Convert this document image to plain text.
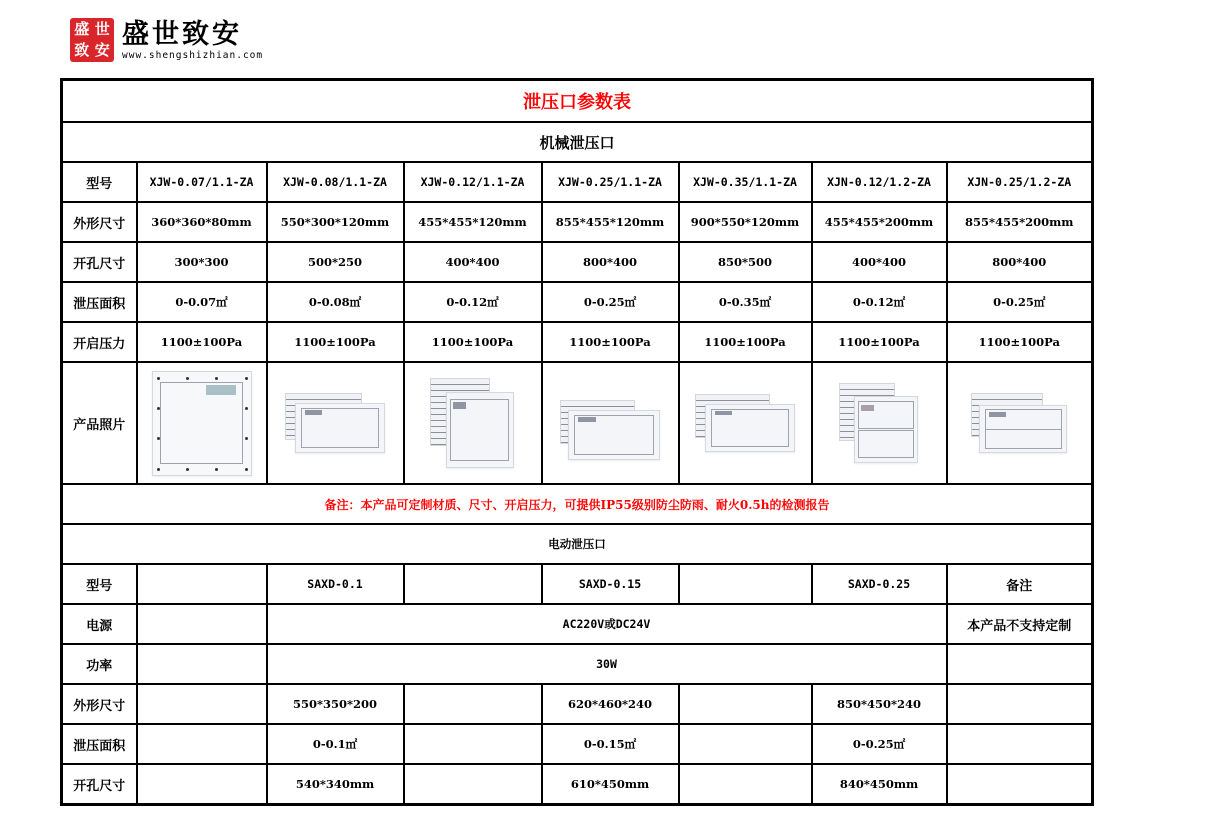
盛 世
致 安 盛世致安
www.shengshizhian.com
泄压口参数表							
机械泄压口							
型号	XJW-0.07/1.1-ZA	XJW-0.08/1.1-ZA	XJW-0.12/1.1-ZA	XJW-0.25/1.1-ZA	XJW-0.35/1.1-ZA	XJN-0.12/1.2-ZA	XJN-0.25/1.2-ZA
外形尺寸	360*360*80mm	550*300*120mm	455*455*120mm	855*455*120mm	900*550*120mm	455*455*200mm	855*455*200mm
开孔尺寸	300*300	500*250	400*400	800*400	850*500	400*400	800*400
泄压面积	0-0.07㎡	0-0.08㎡	0-0.12㎡	0-0.25㎡	0-0.35㎡	0-0.12㎡	0-0.25㎡
开启压力	1100±100Pa	1100±100Pa	1100±100Pa	1100±100Pa	1100±100Pa	1100±100Pa	1100±100Pa
产品照片	

备注：本产品可定制材质、尺寸、开启压力，可提供IP55级别防尘防雨、耐火0.5h的检测报告							
电动泄压口							
型号		SAXD-0.1		SAXD-0.15		SAXD-0.25	备注
电源		AC220V或DC24V					本产品不支持定制
功率		30W					
外形尺寸		550*350*200		620*460*240		850*450*240	
泄压面积		0-0.1㎡		0-0.15㎡		0-0.25㎡	
开孔尺寸		540*340mm		610*450mm		840*450mm	
